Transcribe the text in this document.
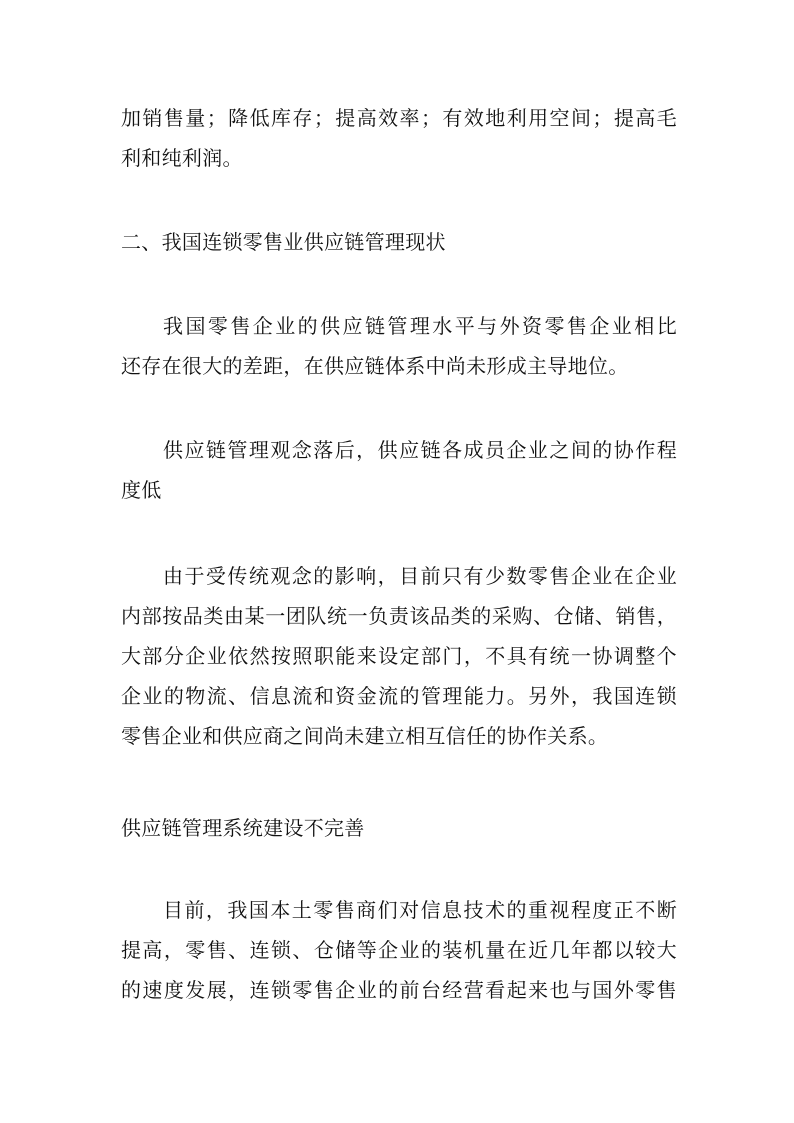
加销售量；降低库存；提高效率；有效地利用空间；提高毛
利和纯利润。
二、我国连锁零售业供应链管理现状
我国零售企业的供应链管理水平与外资零售企业相比
还存在很大的差距，在供应链体系中尚未形成主导地位。
供应链管理观念落后，供应链各成员企业之间的协作程
度低
由于受传统观念的影响，目前只有少数零售企业在企业
内部按品类由某一团队统一负责该品类的采购、仓储、销售，
大部分企业依然按照职能来设定部门，不具有统一协调整个
企业的物流、信息流和资金流的管理能力。另外，我国连锁
零售企业和供应商之间尚未建立相互信任的协作关系。
供应链管理系统建设不完善
目前，我国本土零售商们对信息技术的重视程度正不断
提高，零售、连锁、仓储等企业的装机量在近几年都以较大
的速度发展，连锁零售企业的前台经营看起来也与国外零售
